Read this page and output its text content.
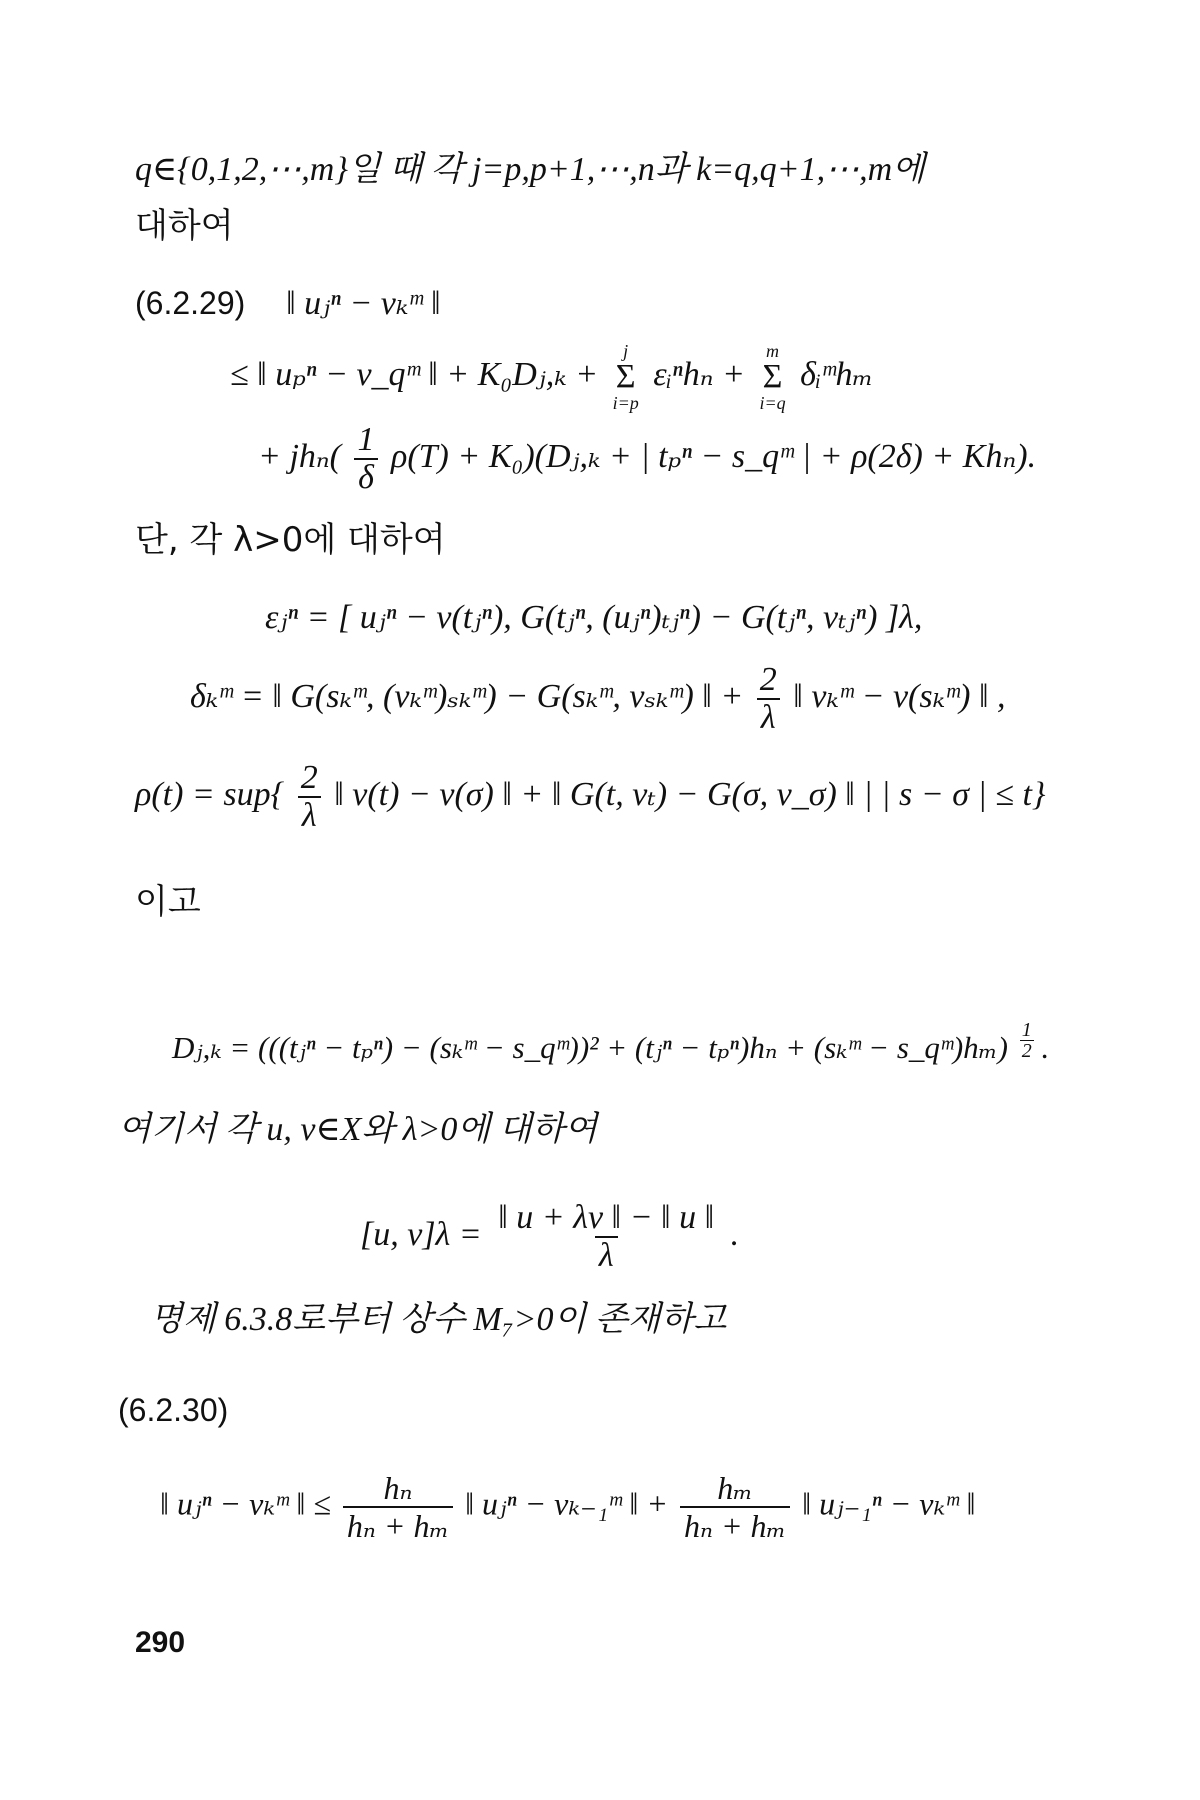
q∈{0,1,2,⋯,m}일 때 각 j=p,p+1,⋯,n과 k=q,q+1,⋯,m에
대하여
(6.2.29) ‖ uⱼⁿ − vₖᵐ ‖
≤ ‖ uₚⁿ − v_qᵐ ‖ + K₀Dⱼ,ₖ +
j
Σ
i=p
εᵢⁿhₙ +
m
Σ
i=q
δᵢᵐhₘ
+ $jh_n( \frac{1}{\delta} \rho(T)$ + K₀)(Dⱼ,ₖ + | tₚⁿ − s_qᵐ | + ρ(2δ) + Khₙ).
단, 각 λ>0에 대하여
εⱼⁿ = [ uⱼⁿ − v(tⱼⁿ), G(tⱼⁿ, (uⱼⁿ)ₜⱼⁿ) − G(tⱼⁿ, vₜⱼⁿ) ]λ,
δₖᵐ = ‖ G(sₖᵐ, (vₖᵐ)ₛₖᵐ) − G(sₖᵐ, vₛₖᵐ) ‖ + $\frac{2}{\lambda}$ ‖ vₖᵐ − v(sₖᵐ) ‖ ,
$\rho(t) = sup\{ \frac{2}{\lambda}$ ‖ v(t) − v(σ) ‖ + ‖ G(t, vₜ) − G(σ, v_σ) ‖ | | s − σ | ≤ t}
이고
Dⱼ,ₖ = (((tⱼⁿ − tₚⁿ) − (sₖᵐ − s_qᵐ))² + (tⱼⁿ − tₚⁿ)hₙ + (sₖᵐ − s_qᵐ)hₘ) $\frac{1}{2}$ .
여기서 각 u, v∈X와 λ>0에 대하여
[u, $v]\lambda = \frac{‖ u + \lambda v ‖ - ‖ u ‖}{\lambda}$ .
명제 6.3.8로부터 상수 M₇>0이 존재하고
(6.2.30)
‖ uⱼⁿ − vₖᵐ ‖ ≤ $\frac{\text{hₙ}}{\text{hₙ + hₘ}}$ ‖ uⱼⁿ − vₖ₋₁ᵐ ‖ + $\frac{\text{hₘ}}{\text{hₙ + hₘ}}$ ‖ uⱼ₋₁ⁿ − vₖᵐ ‖
290
